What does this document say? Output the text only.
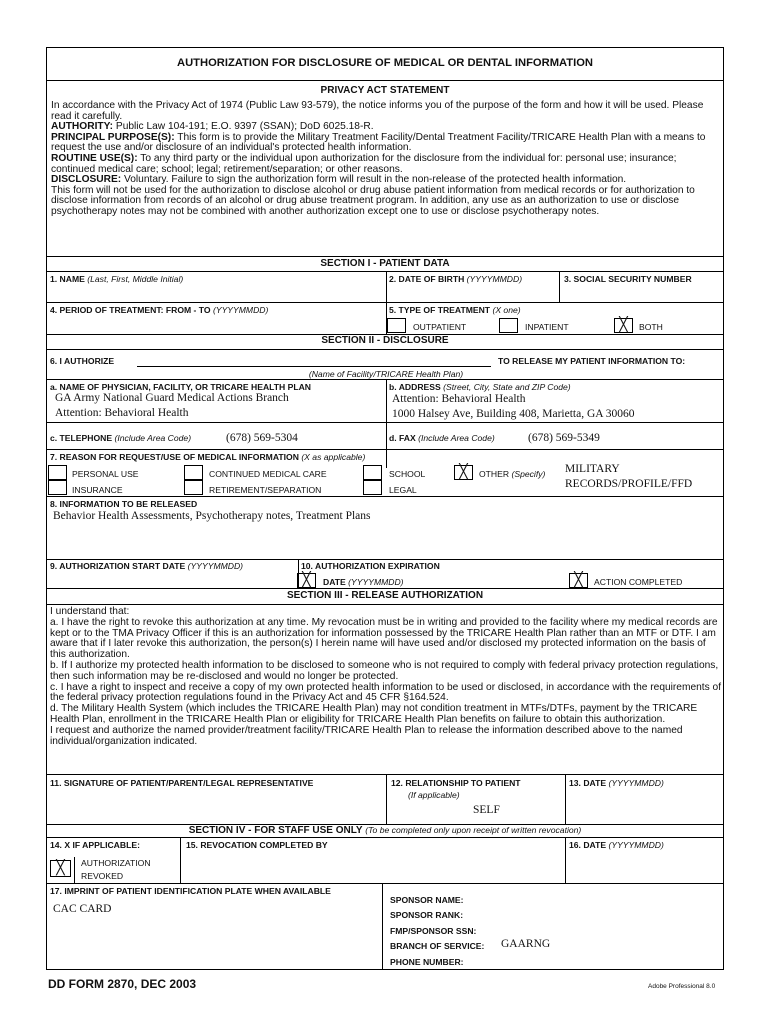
AUTHORIZATION FOR DISCLOSURE OF MEDICAL OR DENTAL INFORMATION
PRIVACY ACT STATEMENT
In accordance with the Privacy Act of 1974 (Public Law 93-579), the notice informs you of the purpose of the form and how it will be used. Please read it carefully.
AUTHORITY: Public Law 104-191; E.O. 9397 (SSAN); DoD 6025.18-R.
PRINCIPAL PURPOSE(S): This form is to provide the Military Treatment Facility/Dental Treatment Facility/TRICARE Health Plan with a means to request the use and/or disclosure of an individual's protected health information.
ROUTINE USE(S): To any third party or the individual upon authorization for the disclosure from the individual for: personal use; insurance; continued medical care; school; legal; retirement/separation; or other reasons.
DISCLOSURE: Voluntary. Failure to sign the authorization form will result in the non-release of the protected health information.
This form will not be used for the authorization to disclose alcohol or drug abuse patient information from medical records or for authorization to disclose information from records of an alcohol or drug abuse treatment program. In addition, any use as an authorization to use or disclose psychotherapy notes may not be combined with another authorization except one to use or disclose psychotherapy notes.
SECTION I - PATIENT DATA
1. NAME (Last, First, Middle Initial)	2. DATE OF BIRTH (YYYYMMDD)	3. SOCIAL SECURITY NUMBER
4. PERIOD OF TREATMENT: FROM - TO (YYYYMMDD)	5. TYPE OF TREATMENT (X one)
OUTPATIENT	INPATIENT	╳	BOTH
SECTION II - DISCLOSURE
6. I AUTHORIZE	TO RELEASE MY PATIENT INFORMATION TO:
(Name of Facility/TRICARE Health Plan)
a. NAME OF PHYSICIAN, FACILITY, OR TRICARE HEALTH PLAN
GA Army National Guard Medical Actions Branch
Attention: Behavioral Health
b. ADDRESS (Street, City, State and ZIP Code)
Attention: Behavioral Health
1000 Halsey Ave, Building 408, Marietta, GA 30060
c. TELEPHONE (Include Area Code)	(678) 569-5304	d. FAX (Include Area Code)	(678) 569-5349
7. REASON FOR REQUEST/USE OF MEDICAL INFORMATION (X as applicable)
PERSONAL USE	CONTINUED MEDICAL CARE	SCHOOL	╳	OTHER (Specify) MILITARY
RECORDS/PROFILE/FFD
INSURANCE	RETIREMENT/SEPARATION	LEGAL
8. INFORMATION TO BE RELEASED
Behavior Health Assessments, Psychotherapy notes, Treatment Plans
9. AUTHORIZATION START DATE (YYYYMMDD)	10. AUTHORIZATION EXPIRATION
╳	DATE (YYYYMMDD)	╳	ACTION COMPLETED
SECTION III - RELEASE AUTHORIZATION
I understand that:
a. I have the right to revoke this authorization at any time. My revocation must be in writing and provided to the facility where my medical records are kept or to the TMA Privacy Officer if this is an authorization for information possessed by the TRICARE Health Plan rather than an MTF or DTF. I am aware that if I later revoke this authorization, the person(s) I herein name will have used and/or disclosed my protected information on the basis of this authorization.
b. If I authorize my protected health information to be disclosed to someone who is not required to comply with federal privacy protection regulations, then such information may be re-disclosed and would no longer be protected.
c. I have a right to inspect and receive a copy of my own protected health information to be used or disclosed, in accordance with the requirements of the federal privacy protection regulations found in the Privacy Act and 45 CFR §164.524.
d. The Military Health System (which includes the TRICARE Health Plan) may not condition treatment in MTFs/DTFs, payment by the TRICARE Health Plan, enrollment in the TRICARE Health Plan or eligibility for TRICARE Health Plan benefits on failure to obtain this authorization.
I request and authorize the named provider/treatment facility/TRICARE Health Plan to release the information described above to the named individual/organization indicated.
11. SIGNATURE OF PATIENT/PARENT/LEGAL REPRESENTATIVE	12. RELATIONSHIP TO PATIENT
(If applicable)
SELF
13. DATE (YYYYMMDD)
SECTION IV - FOR STAFF USE ONLY (To be completed only upon receipt of written revocation)
14. X IF APPLICABLE:
╳	AUTHORIZATION
REVOKED
15. REVOCATION COMPLETED BY	16. DATE (YYYYMMDD)
17. IMPRINT OF PATIENT IDENTIFICATION PLATE WHEN AVAILABLE
CAC CARD
SPONSOR NAME:
SPONSOR RANK:
FMP/SPONSOR SSN:
BRANCH OF SERVICE: GAARNG
PHONE NUMBER:
DD FORM 2870, DEC 2003	Adobe Professional 8.0
